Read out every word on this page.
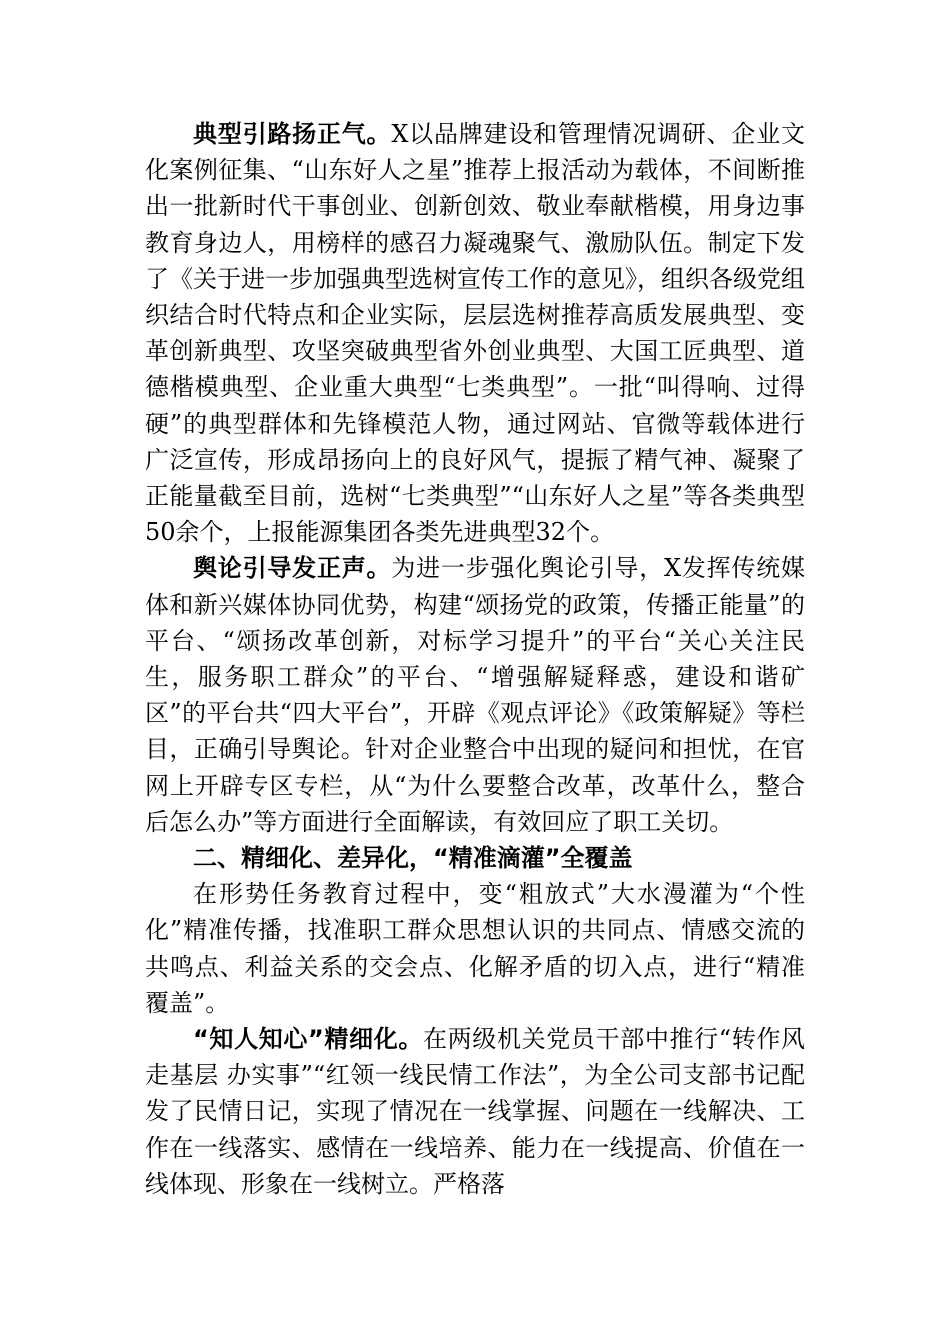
典型引路扬正气。X以品牌建设和管理情况调研、企业文化案例征集、“山东好人之星”推荐上报活动为载体，不间断推出一批新时代干事创业、创新创效、敬业奉献楷模，用身边事教育身边人，用榜样的感召力凝魂聚气、激励队伍。制定下发了《关于进一步加强典型选树宣传工作的意见》，组织各级党组织结合时代特点和企业实际，层层选树推荐高质发展典型、变革创新典型、攻坚突破典型省外创业典型、大国工匠典型、道德楷模典型、企业重大典型“七类典型”。一批“叫得响、过得硬”的典型群体和先锋模范人物，通过网站、官微等载体进行广泛宣传，形成昂扬向上的良好风气，提振了精气神、凝聚了正能量截至目前，选树“七类典型”“山东好人之星”等各类典型50余个，上报能源集团各类先进典型32个。

舆论引导发正声。为进一步强化舆论引导，X发挥传统媒体和新兴媒体协同优势，构建“颂扬党的政策，传播正能量”的平台、“颂扬改革创新，对标学习提升”的平台“关心关注民生，服务职工群众”的平台、“增强解疑释惑，建设和谐矿区”的平台共“四大平台”，开辟《观点评论》《政策解疑》等栏目，正确引导舆论。针对企业整合中出现的疑问和担忧，在官网上开辟专区专栏，从“为什么要整合改革，改革什么，整合后怎么办”等方面进行全面解读，有效回应了职工关切。

二、精细化、差异化，“精准滴灌”全覆盖

在形势任务教育过程中，变“粗放式”大水漫灌为“个性化”精准传播，找准职工群众思想认识的共同点、情感交流的共鸣点、利益关系的交会点、化解矛盾的切入点，进行“精准覆盖”。

“知人知心”精细化。在两级机关党员干部中推行“转作风 走基层 办实事”“红领一线民情工作法”，为全公司支部书记配发了民情日记，实现了情况在一线掌握、问题在一线解决、工作在一线落实、感情在一线培养、能力在一线提高、价值在一线体现、形象在一线树立。严格落
